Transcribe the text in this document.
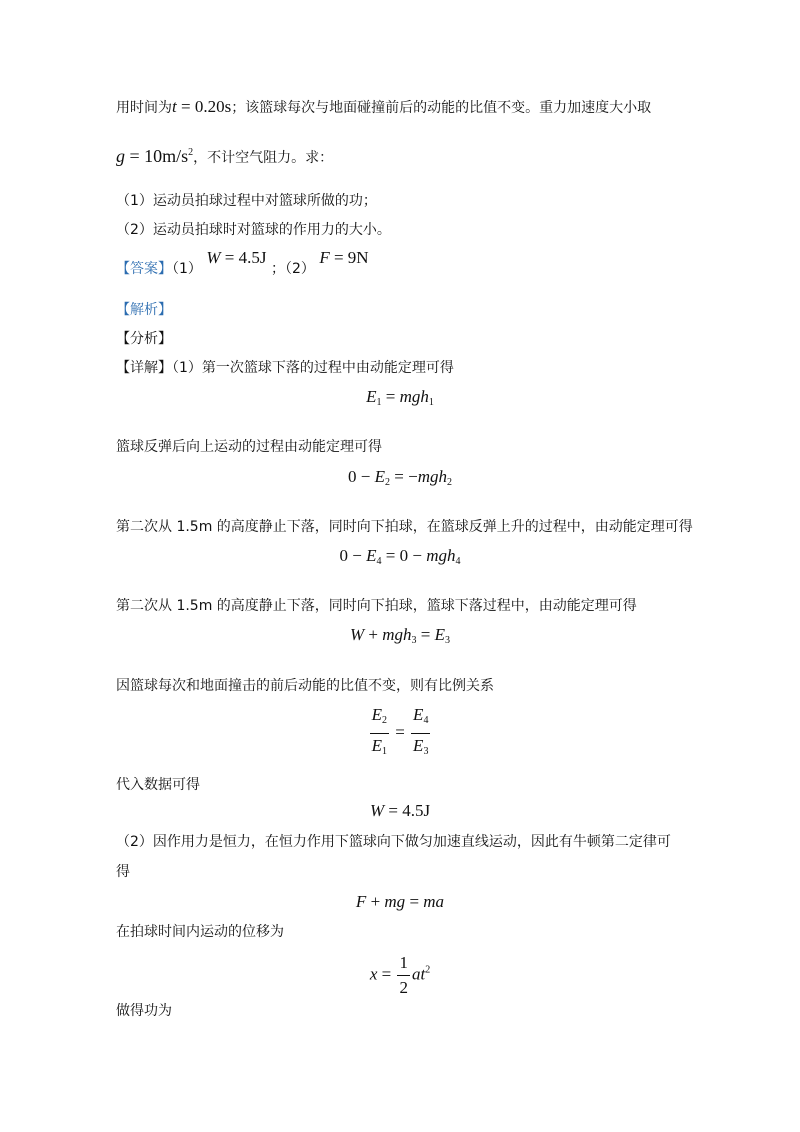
用时间为t = 0.20s；该篮球每次与地面碰撞前后的动能的比值不变。重力加速度大小取
$g = 10m/s^2$，不计空气阻力。求：
（1）运动员拍球过程中对篮球所做的功；
（2）运动员拍球时对篮球的作用力的大小。
【答案】（1） W = 4.5J ；（2） F = 9N
【解析】
【分析】
【详解】（1）第一次篮球下落的过程中由动能定理可得
$E_1 = mgh_1$
篮球反弹后向上运动的过程由动能定理可得
$0 - E_2 = -mgh_2$
第二次从 1.5m 的高度静止下落，同时向下拍球，在篮球反弹上升的过程中，由动能定理可得
$0 - E_4 = 0 - mgh_4$
第二次从 1.5m 的高度静止下落，同时向下拍球，篮球下落过程中，由动能定理可得
$W + mgh_3 = E_3$
因篮球每次和地面撞击的前后动能的比值不变，则有比例关系
$\frac{E_2}{E_1} = \frac{E_4}{E_3}$
代入数据可得
W = 4.5J
（2）因作用力是恒力，在恒力作用下篮球向下做匀加速直线运动，因此有牛顿第二定律可
得
F + mg = ma
在拍球时间内运动的位移为
$x = \frac{1}{2} at^2$
做得功为
